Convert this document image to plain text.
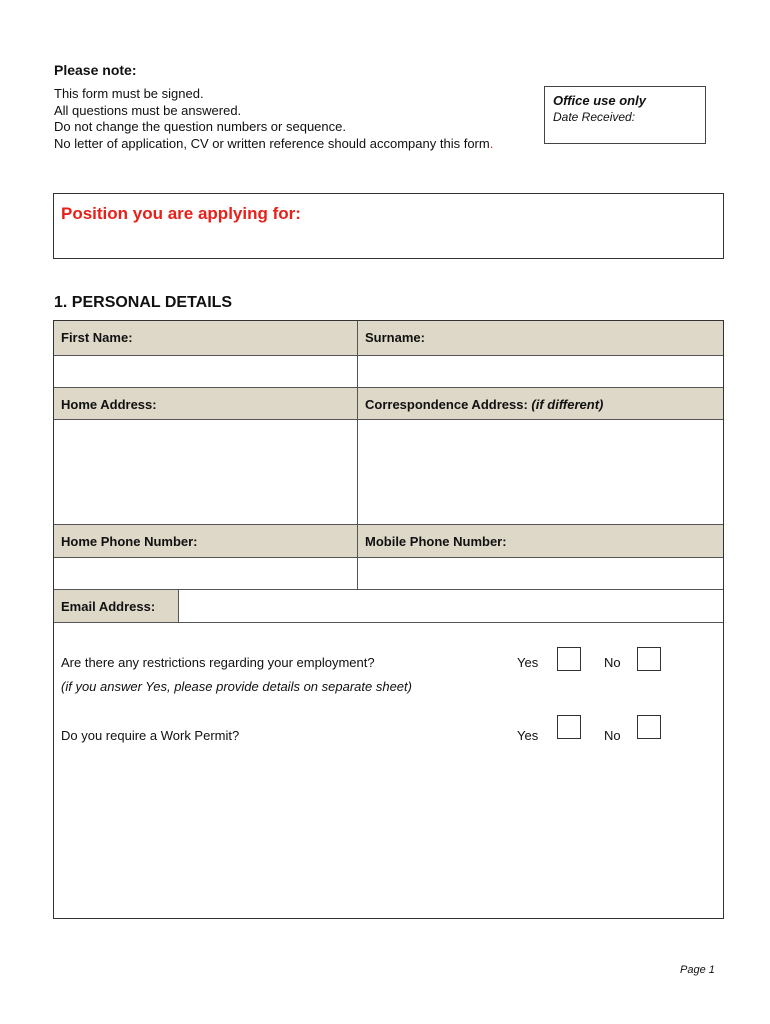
Please note:
This form must be signed.
All questions must be answered.
Do not change the question numbers or sequence.
No letter of application, CV or written reference should accompany this form.
Office use only
Date Received:
Position you are applying for:
1. PERSONAL DETAILS
First Name:	Surname:
Home Address:	Correspondence Address: (if different)
Home Phone Number:	Mobile Phone Number:
Email Address:
Are there any restrictions regarding your employment?
(if you answer Yes, please provide details on separate sheet)
Yes	No
Do you require a Work Permit?	Yes	No
Page 1
